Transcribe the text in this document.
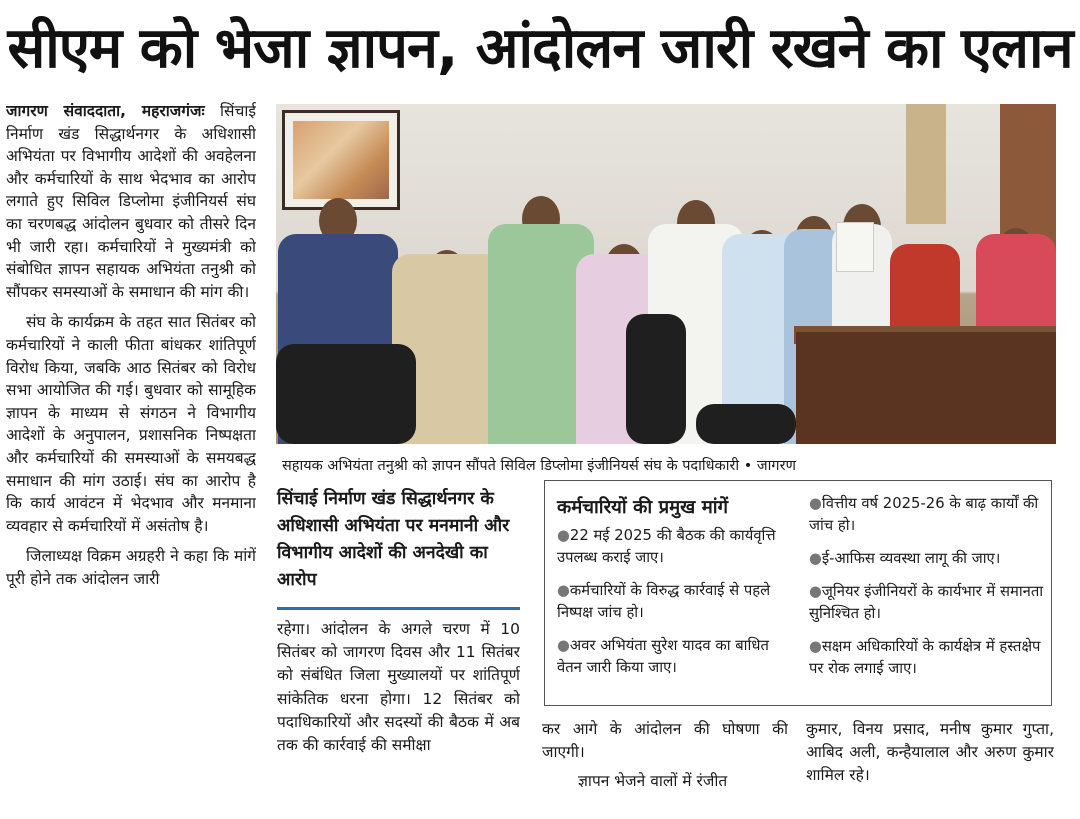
सीएम को भेजा ज्ञापन, आंदोलन जारी रखने का एलान

जागरण संवाददाता, महराजगंजः सिंचाई निर्माण खंड सिद्धार्थनगर के अधिशासी अभियंता पर विभागीय आदेशों की अवहेलना और कर्मचारियों के साथ भेदभाव का आरोप लगाते हुए सिविल डिप्लोमा इंजीनियर्स संघ का चरणबद्ध आंदोलन बुधवार को तीसरे दिन भी जारी रहा। कर्मचारियों ने मुख्यमंत्री को संबोधित ज्ञापन सहायक अभियंता तनुश्री को सौंपकर समस्याओं के समाधान की मांग की।

संघ के कार्यक्रम के तहत सात सितंबर को कर्मचारियों ने काली फीता बांधकर शांतिपूर्ण विरोध किया, जबकि आठ सितंबर को विरोध सभा आयोजित की गई। बुधवार को सामूहिक ज्ञापन के माध्यम से संगठन ने विभागीय आदेशों के अनुपालन, प्रशासनिक निष्पक्षता और कर्मचारियों की समस्याओं के समयबद्ध समाधान की मांग उठाई। संघ का आरोप है कि कार्य आवंटन में भेदभाव और मनमाना व्यवहार से कर्मचारियों में असंतोष है।

जिलाध्यक्ष विक्रम अग्रहरी ने कहा कि मांगें पूरी होने तक आंदोलन जारी

सहायक अभियंता तनुश्री को ज्ञापन सौंपते सिविल डिप्लोमा इंजीनियर्स संघ के पदाधिकारी • जागरण
सिंचाई निर्माण खंड सिद्धार्थनगर के अधिशासी अभियंता पर मनमानी और विभागीय आदेशों की अनदेखी का आरोप
रहेगा। आंदोलन के अगले चरण में 10 सितंबर को जागरण दिवस और 11 सितंबर को संबंधित जिला मुख्यालयों पर शांतिपूर्ण सांकेतिक धरना होगा। 12 सितंबर को पदाधिकारियों और सदस्यों की बैठक में अब तक की कार्रवाई की समीक्षा
कर्मचारियों की प्रमुख मांगें
●22 मई 2025 की बैठक की कार्यवृत्ति उपलब्ध कराई जाए।
●कर्मचारियों के विरुद्ध कार्रवाई से पहले निष्पक्ष जांच हो।
●अवर अभियंता सुरेश यादव का बाधित वेतन जारी किया जाए।
●वित्तीय वर्ष 2025-26 के बाढ़ कार्यों की जांच हो।
●ई-आफिस व्यवस्था लागू की जाए।
●जूनियर इंजीनियरों के कार्यभार में समानता सुनिश्चित हो।
●सक्षम अधिकारियों के कार्यक्षेत्र में हस्तक्षेप पर रोक लगाई जाए।

कर आगे के आंदोलन की घोषणा की जाएगी।

ज्ञापन भेजने वालों में रंजीत

कुमार, विनय प्रसाद, मनीष कुमार गुप्ता, आबिद अली, कन्हैयालाल और अरुण कुमार शामिल रहे।
